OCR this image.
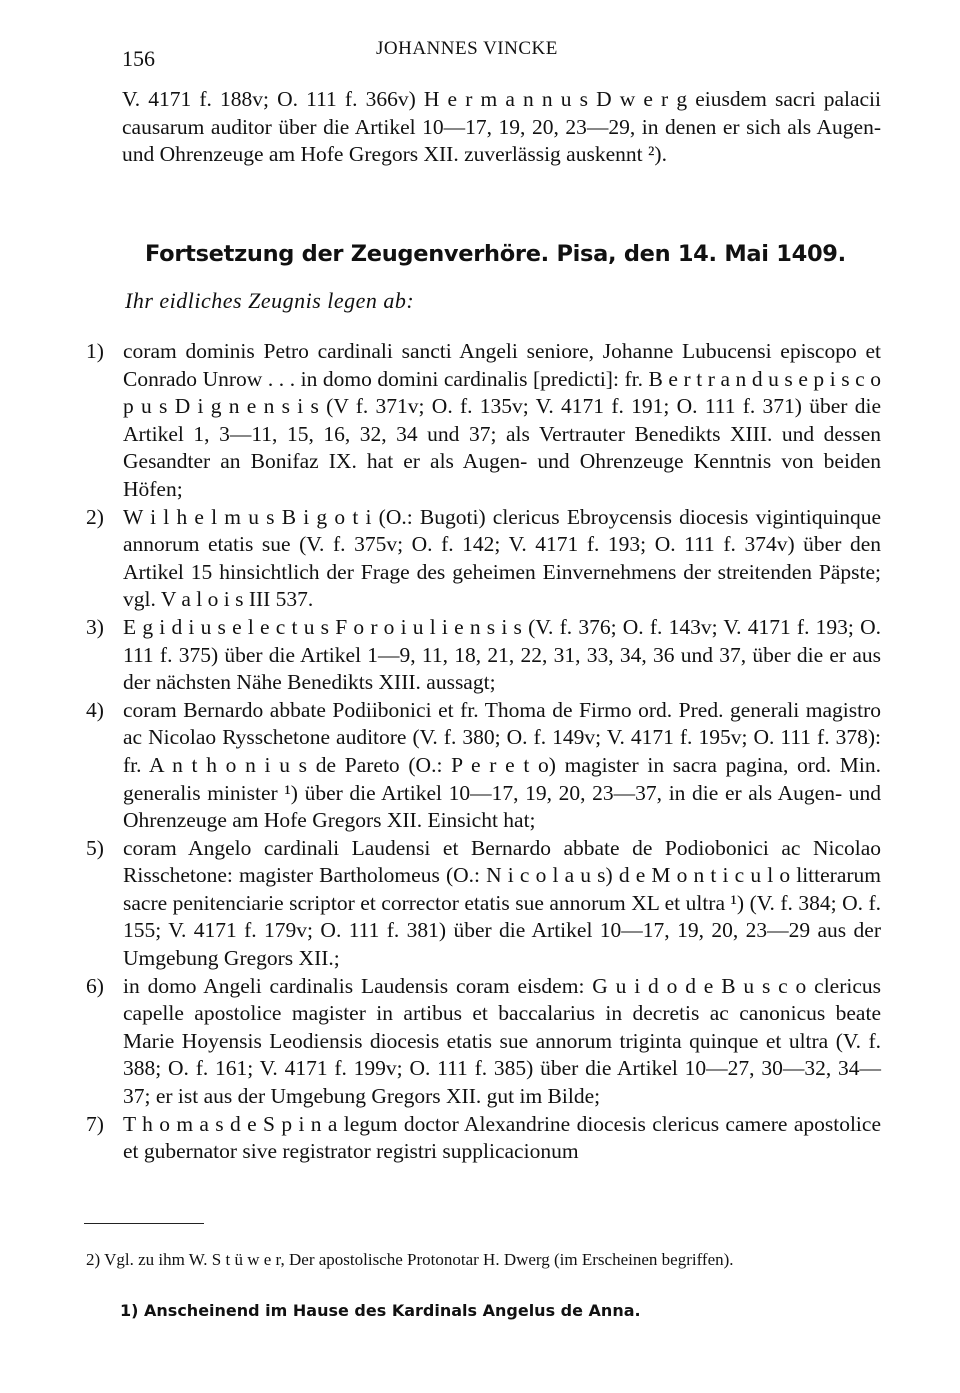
156	JOHANNES VINCKE
V. 4171 f. 188v; O. 111 f. 366v) H e r m a n n u s D w e r g eiusdem sacri palacii causarum auditor über die Artikel 10—17, 19, 20, 23—29, in denen er sich als Augen- und Ohrenzeuge am Hofe Gregors XII. zuverlässig auskennt ²).
Fortsetzung der Zeugenverhöre. Pisa, den 14. Mai 1409.
Ihr eidliches Zeugnis legen ab:
1) coram dominis Petro cardinali sancti Angeli seniore, Johanne Lubucensi episcopo et Conrado Unrow . . . in domo domini cardinalis [predicti]: fr. B e r t r a n d u s e p i s c o p u s D i g n e n s i s (V f. 371v; O. f. 135v; V. 4171 f. 191; O. 111 f. 371) über die Artikel 1, 3—11, 15, 16, 32, 34 und 37; als Vertrauter Benedikts XIII. und dessen Gesandter an Bonifaz IX. hat er als Augen- und Ohrenzeuge Kenntnis von beiden Höfen;
2) W i l h e l m u s B i g o t i (O.: Bugoti) clericus Ebroycensis diocesis vigintiquinque annorum etatis sue (V. f. 375v; O. f. 142; V. 4171 f. 193; O. 111 f. 374v) über den Artikel 15 hinsichtlich der Frage des geheimen Einvernehmens der streitenden Päpste; vgl. V a l o i s III 537.
3) E g i d i u s e l e c t u s F o r o i u l i e n s i s (V. f. 376; O. f. 143v; V. 4171 f. 193; O. 111 f. 375) über die Artikel 1—9, 11, 18, 21, 22, 31, 33, 34, 36 und 37, über die er aus der nächsten Nähe Benedikts XIII. aussagt;
4) coram Bernardo abbate Podiibonici et fr. Thoma de Firmo ord. Pred. generali magistro ac Nicolao Rysschetone auditore (V. f. 380; O. f. 149v; V. 4171 f. 195v; O. 111 f. 378): fr. A n t h o n i u s de Pareto (O.: P e r e t o) magister in sacra pagina, ord. Min. generalis minister ¹) über die Artikel 10—17, 19, 20, 23—37, in die er als Augen- und Ohrenzeuge am Hofe Gregors XII. Einsicht hat;
5) coram Angelo cardinali Laudensi et Bernardo abbate de Podiobonici ac Nicolao Risschetone: magister Bartholomeus (O.: N i c o l a u s) d e M o n t i c u l o litterarum sacre penitenciarie scriptor et corrector etatis sue annorum XL et ultra ¹) (V. f. 384; O. f. 155; V. 4171 f. 179v; O. 111 f. 381) über die Artikel 10—17, 19, 20, 23—29 aus der Umgebung Gregors XII.;
6) in domo Angeli cardinalis Laudensis coram eisdem: G u i d o d e B u s c o clericus capelle apostolice magister in artibus et baccalarius in decretis ac canonicus beate Marie Hoyensis Leodiensis diocesis etatis sue annorum triginta quinque et ultra (V. f. 388; O. f. 161; V. 4171 f. 199v; O. 111 f. 385) über die Artikel 10—27, 30—32, 34—37; er ist aus der Umgebung Gregors XII. gut im Bilde;
7) T h o m a s d e S p i n a legum doctor Alexandrine diocesis clericus camere apostolice et gubernator sive registrator registri supplicacionum
2) Vgl. zu ihm W. S t ü w e r, Der apostolische Protonotar H. Dwerg (im Erscheinen begriffen).
1) Anscheinend im Hause des Kardinals Angelus de Anna.
